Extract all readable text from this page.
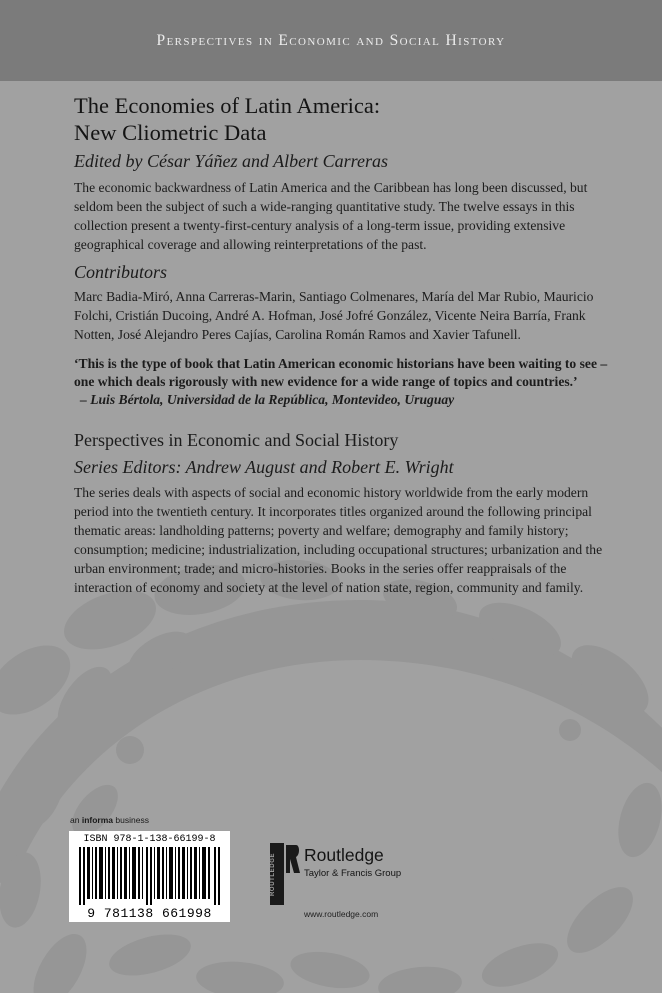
Perspectives in Economic and Social History
The Economies of Latin America:
New Cliometric Data
Edited by César Yáñez and Albert Carreras

The economic backwardness of Latin America and the Caribbean has long been discussed, but seldom been the subject of such a wide-ranging quantitative study. The twelve essays in this collection present a twenty-first-century analysis of a long-term issue, providing extensive geographical coverage and allowing reinterpretations of the past.

Contributors

Marc Badia-Miró, Anna Carreras-Marin, Santiago Colmenares, María del Mar Rubio, Mauricio Folchi, Cristián Ducoing, André A. Hofman, José Jofré González, Vicente Neira Barría, Frank Notten, José Alejandro Peres Cajías, Carolina Román Ramos and Xavier Tafunell.

‘This is the type of book that Latin American economic historians have been waiting to see – one which deals rigorously with new evidence for a wide range of topics and countries.’

– Luis Bértola, Universidad de la República, Montevideo, Uruguay

Perspectives in Economic and Social History
Series Editors: Andrew August and Robert E. Wright

The series deals with aspects of social and economic history worldwide from the early modern period into the twentieth century. It incorporates titles organized around the following principal thematic areas: landholding patterns; poverty and welfare; demography and family history; consumption; medicine; industrialization, including occupational structures; urbanization and the urban environment; trade; and micro-histories. Books in the series offer reappraisals of the interaction of economy and society at the level of nation state, region, community and family.

an informa business
ISBN 978-1-138-66199-8
9 781138 661998
ROUTLEDGE	Routledge
Taylor & Francis Group
www.routledge.com
